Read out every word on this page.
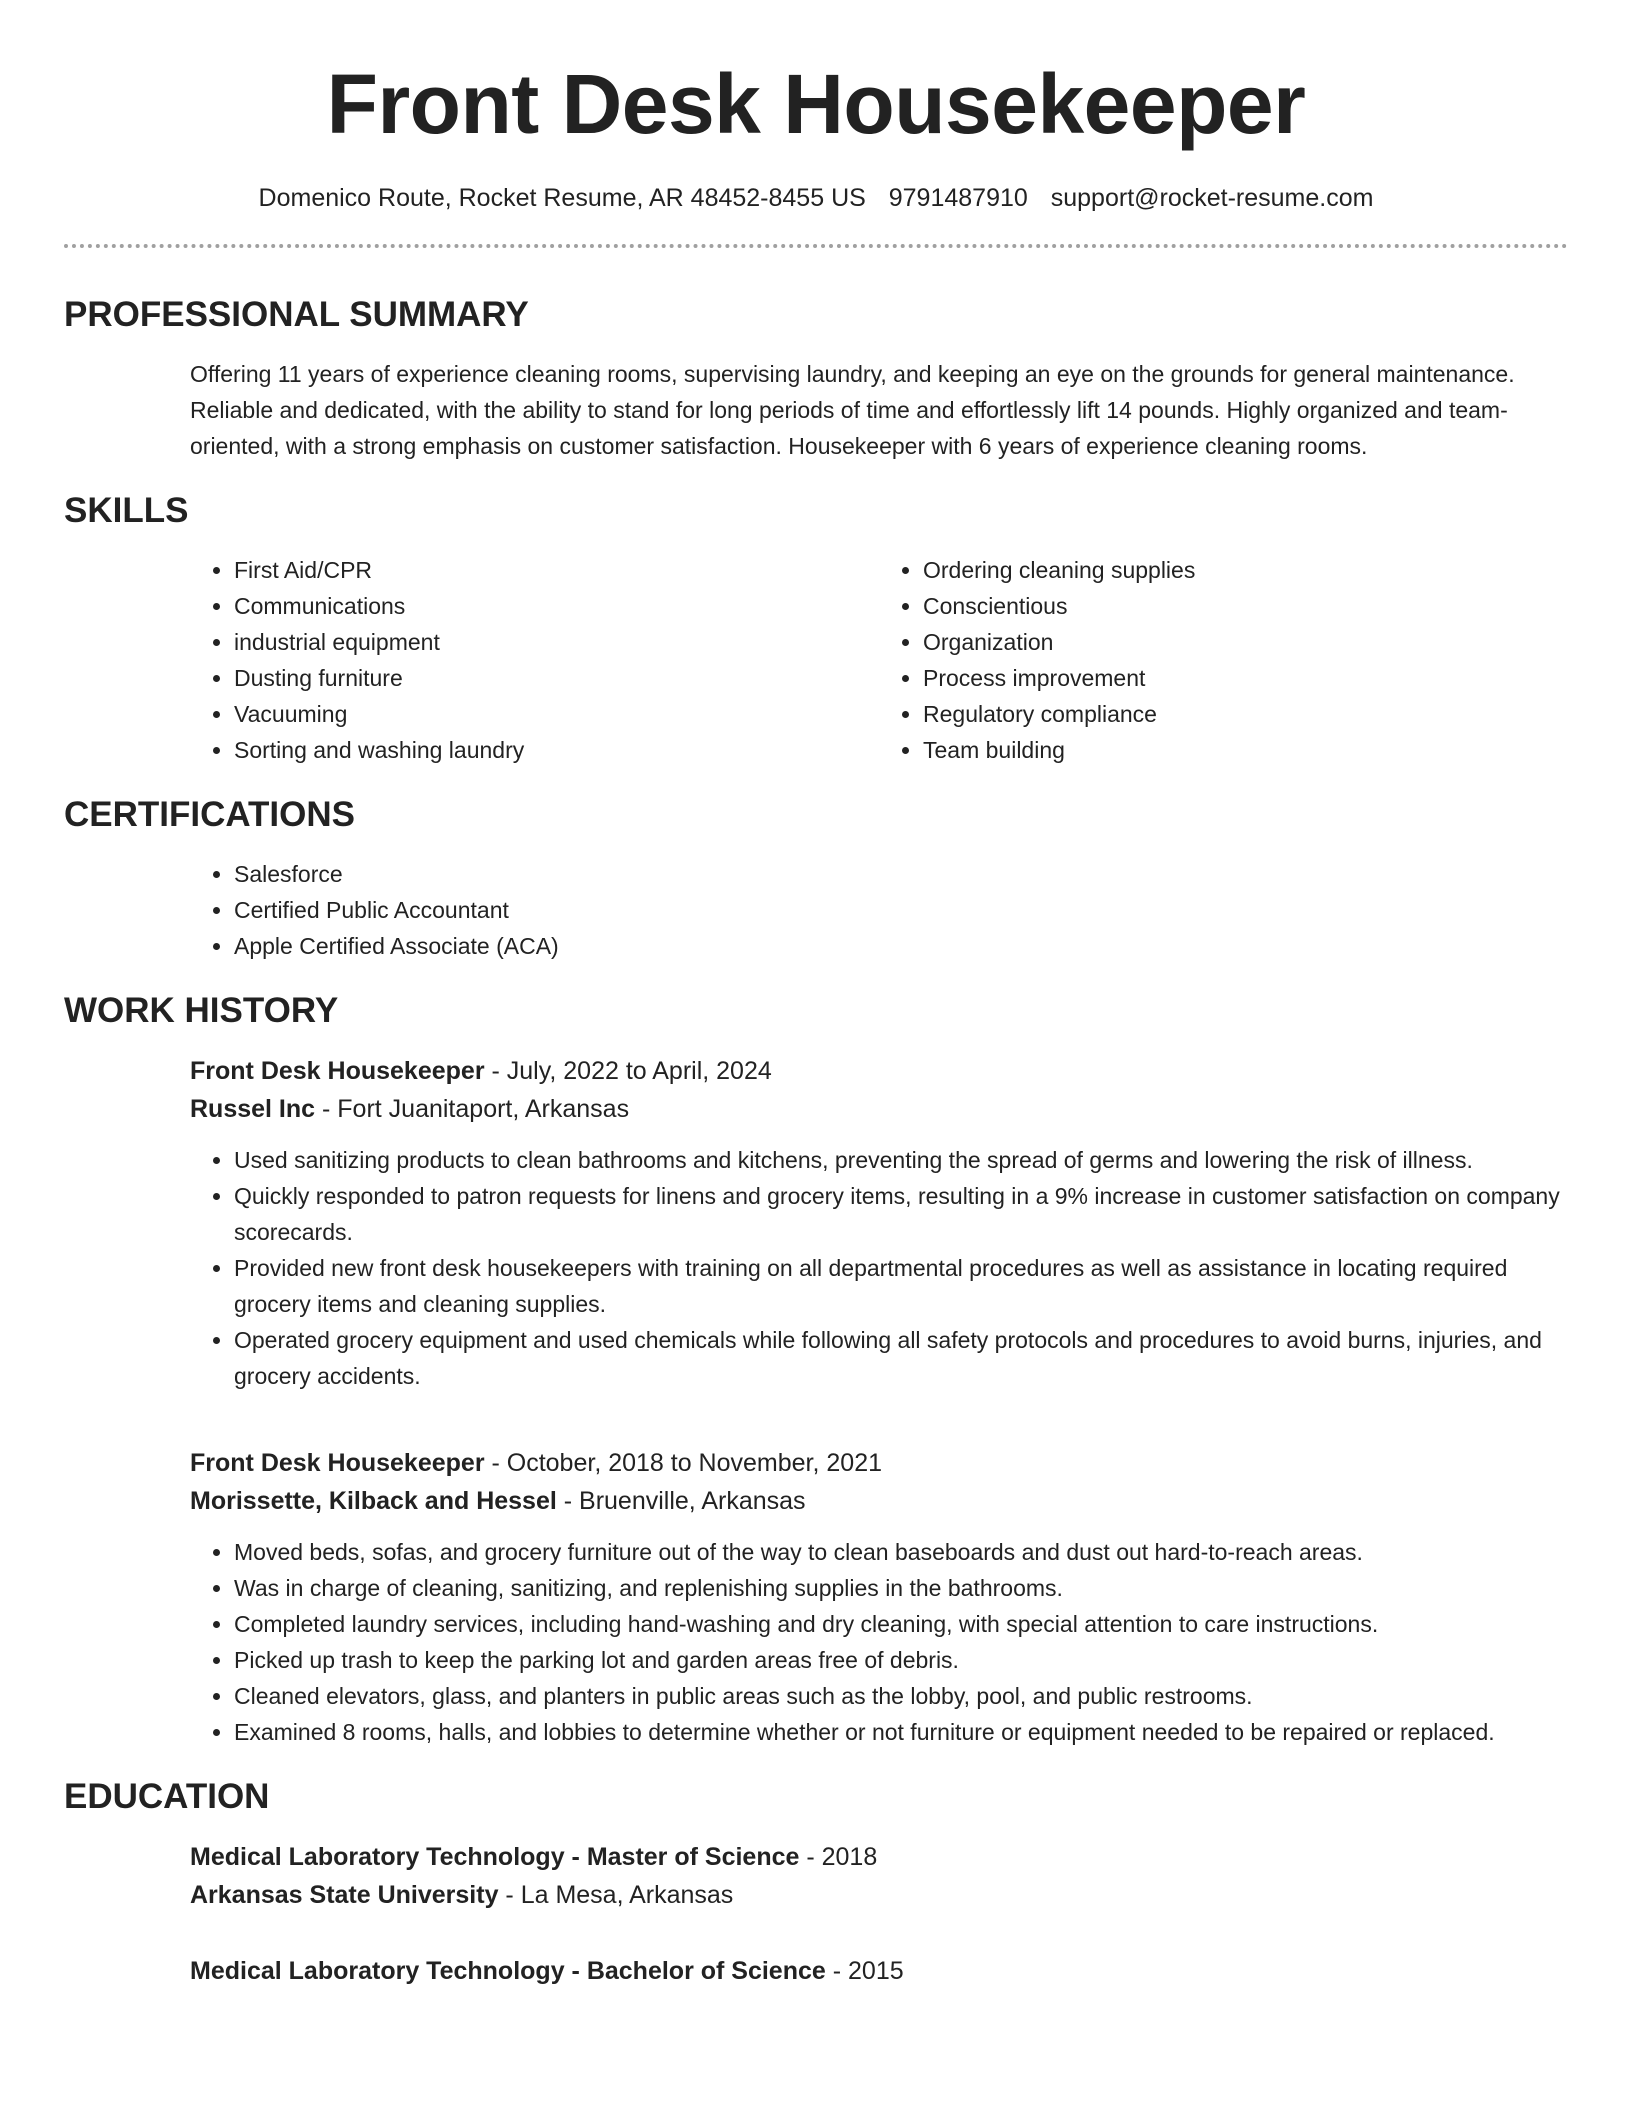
Front Desk Housekeeper
Domenico Route, Rocket Resume, AR 48452-8455 US 9791487910 support@rocket-resume.com
PROFESSIONAL SUMMARY

Offering 11 years of experience cleaning rooms, supervising laundry, and keeping an eye on the grounds for general maintenance. Reliable and dedicated, with the ability to stand for long periods of time and effortlessly lift 14 pounds. Highly organized and team-oriented, with a strong emphasis on customer satisfaction. Housekeeper with 6 years of experience cleaning rooms.

SKILLS
• First Aid/CPR
• Communications
• industrial equipment
• Dusting furniture
• Vacuuming
• Sorting and washing laundry
• Ordering cleaning supplies
• Conscientious
• Organization
• Process improvement
• Regulatory compliance
• Team building
CERTIFICATIONS
• Salesforce
• Certified Public Accountant
• Apple Certified Associate (ACA)
WORK HISTORY
Front Desk Housekeeper - July, 2022 to April, 2024
Russel Inc - Fort Juanitaport, Arkansas
• Used sanitizing products to clean bathrooms and kitchens, preventing the spread of germs and lowering the risk of illness.
• Quickly responded to patron requests for linens and grocery items, resulting in a 9% increase in customer satisfaction on company scorecards.
• Provided new front desk housekeepers with training on all departmental procedures as well as assistance in locating required grocery items and cleaning supplies.
• Operated grocery equipment and used chemicals while following all safety protocols and procedures to avoid burns, injuries, and grocery accidents.
Front Desk Housekeeper - October, 2018 to November, 2021
Morissette, Kilback and Hessel - Bruenville, Arkansas
• Moved beds, sofas, and grocery furniture out of the way to clean baseboards and dust out hard-to-reach areas.
• Was in charge of cleaning, sanitizing, and replenishing supplies in the bathrooms.
• Completed laundry services, including hand-washing and dry cleaning, with special attention to care instructions.
• Picked up trash to keep the parking lot and garden areas free of debris.
• Cleaned elevators, glass, and planters in public areas such as the lobby, pool, and public restrooms.
• Examined 8 rooms, halls, and lobbies to determine whether or not furniture or equipment needed to be repaired or replaced.
EDUCATION
Medical Laboratory Technology - Master of Science - 2018
Arkansas State University - La Mesa, Arkansas
Medical Laboratory Technology - Bachelor of Science - 2015
